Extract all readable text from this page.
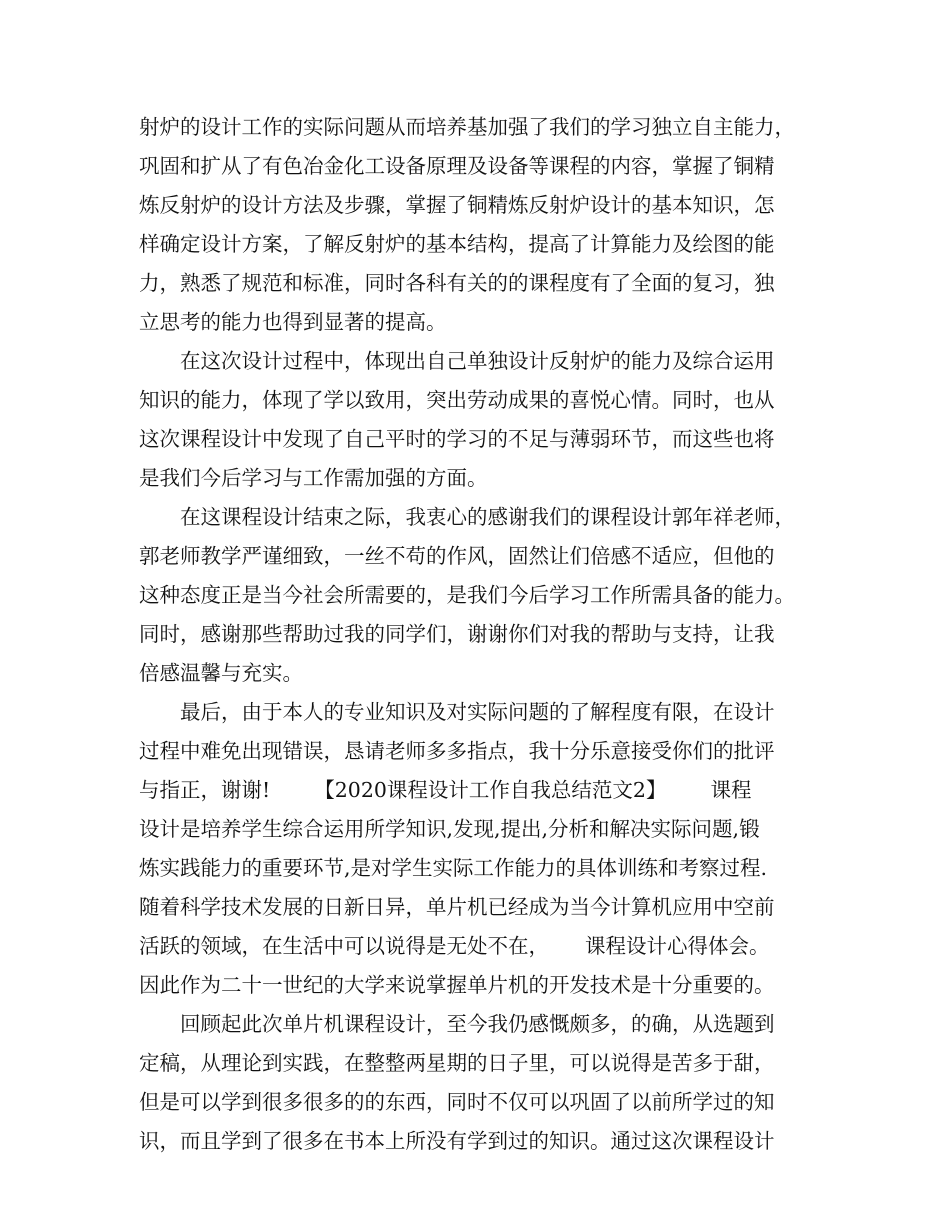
射炉的设计工作的实际问题从而培养基加强了我们的学习独立自主能力，
巩固和扩从了有色冶金化工设备原理及设备等课程的内容，掌握了铜精
炼反射炉的设计方法及步骤，掌握了铜精炼反射炉设计的基本知识，怎
样确定设计方案，了解反射炉的基本结构，提高了计算能力及绘图的能
力，熟悉了规范和标准，同时各科有关的的课程度有了全面的复习，独
立思考的能力也得到显著的提高。
　　在这次设计过程中，体现出自己单独设计反射炉的能力及综合运用
知识的能力，体现了学以致用，突出劳动成果的喜悦心情。同时，也从
这次课程设计中发现了自己平时的学习的不足与薄弱环节，而这些也将
是我们今后学习与工作需加强的方面。
　　在这课程设计结束之际，我衷心的感谢我们的课程设计郭年祥老师，
郭老师教学严谨细致，一丝不苟的作风，固然让们倍感不适应，但他的
这种态度正是当今社会所需要的，是我们今后学习工作所需具备的能力。
同时，感谢那些帮助过我的同学们，谢谢你们对我的帮助与支持，让我
倍感温馨与充实。
　　最后，由于本人的专业知识及对实际问题的了解程度有限，在设计
过程中难免出现错误，恳请老师多多指点，我十分乐意接受你们的批评
与指正，谢谢! 【2020课程设计工作自我总结范文2】 课程
设计是培养学生综合运用所学知识,发现,提出,分析和解决实际问题,锻
炼实践能力的重要环节,是对学生实际工作能力的具体训练和考察过程.
随着科学技术发展的日新日异，单片机已经成为当今计算机应用中空前
活跃的领域，在生活中可以说得是无处不在， 课程设计心得体会。
因此作为二十一世纪的大学来说掌握单片机的开发技术是十分重要的。
　　回顾起此次单片机课程设计，至今我仍感慨颇多，的确，从选题到
定稿，从理论到实践，在整整两星期的日子里，可以说得是苦多于甜，
但是可以学到很多很多的的东西，同时不仅可以巩固了以前所学过的知
识，而且学到了很多在书本上所没有学到过的知识。通过这次课程设计
